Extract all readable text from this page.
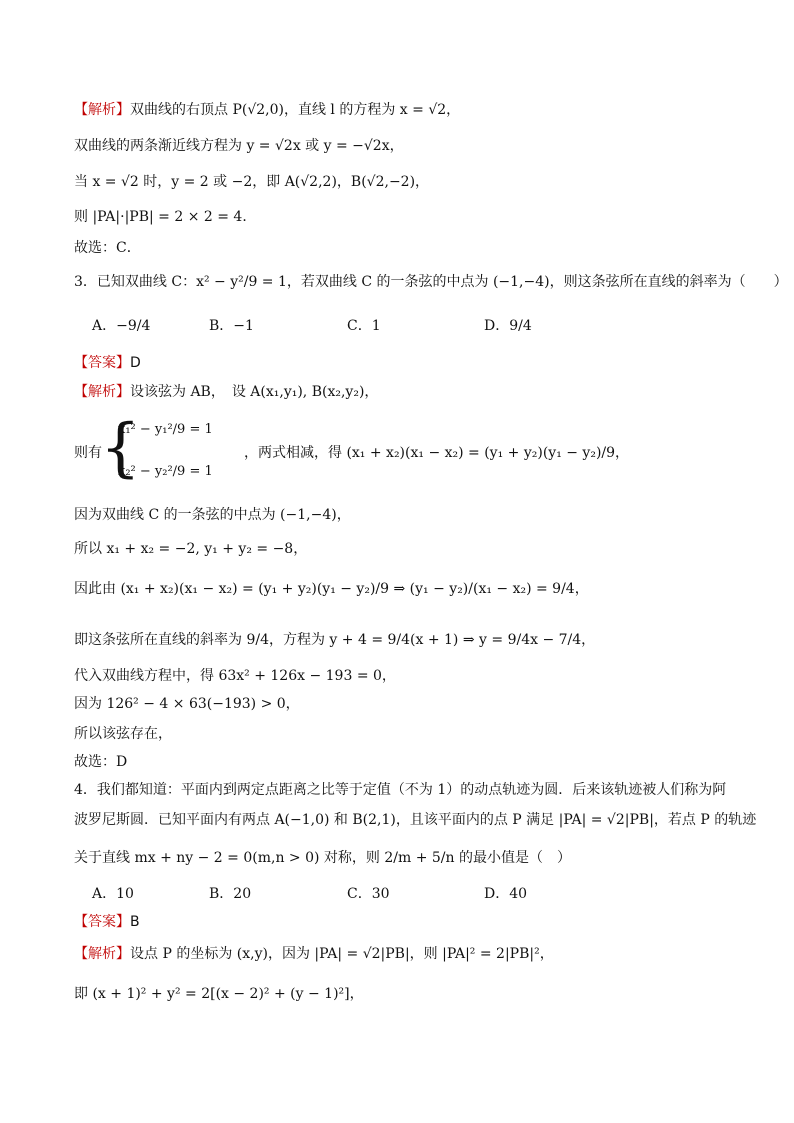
【解析】双曲线的右顶点 P(√2,0)，直线 l 的方程为 x = √2，
双曲线的两条渐近线方程为 y = √2x 或 y = −√2x，
当 x = √2 时，y = 2 或 −2，即 A(√2,2)，B(√2,−2)，
则 |PA|·|PB| = 2 × 2 = 4．
故选：C．
3．已知双曲线 C：x² − y²/9 = 1，若双曲线 C 的一条弦的中点为 (−1,−4)，则这条弦所在直线的斜率为（　　）
A．−9/4	B．−1	C．1	D．9/4
【答案】D
【解析】设该弦为 AB，　设 A(x₁,y₁), B(x₂,y₂)，
则有
{
x₁² − y₁²/9 = 1
x₂² − y₂²/9 = 1
，两式相减，得 (x₁ + x₂)(x₁ − x₂) = (y₁ + y₂)(y₁ − y₂)/9，
因为双曲线 C 的一条弦的中点为 (−1,−4)，
所以 x₁ + x₂ = −2, y₁ + y₂ = −8，
因此由 (x₁ + x₂)(x₁ − x₂) = (y₁ + y₂)(y₁ − y₂)/9 ⇒ (y₁ − y₂)/(x₁ − x₂) = 9/4，
即这条弦所在直线的斜率为 9/4，方程为 y + 4 = 9/4(x + 1) ⇒ y = 9/4x − 7/4，
代入双曲线方程中，得 63x² + 126x − 193 = 0，
因为 126² − 4 × 63(−193) > 0，
所以该弦存在，
故选：D
4．我们都知道：平面内到两定点距离之比等于定值（不为 1）的动点轨迹为圆．后来该轨迹被人们称为阿
波罗尼斯圆．已知平面内有两点 A(−1,0) 和 B(2,1)，且该平面内的点 P 满足 |PA| = √2|PB|，若点 P 的轨迹
关于直线 mx + ny − 2 = 0(m,n > 0) 对称，则 2/m + 5/n 的最小值是（　）
A．10	B．20	C．30	D．40
【答案】B
【解析】设点 P 的坐标为 (x,y)，因为 |PA| = √2|PB|，则 |PA|² = 2|PB|²，
即 (x + 1)² + y² = 2[(x − 2)² + (y − 1)²]，
